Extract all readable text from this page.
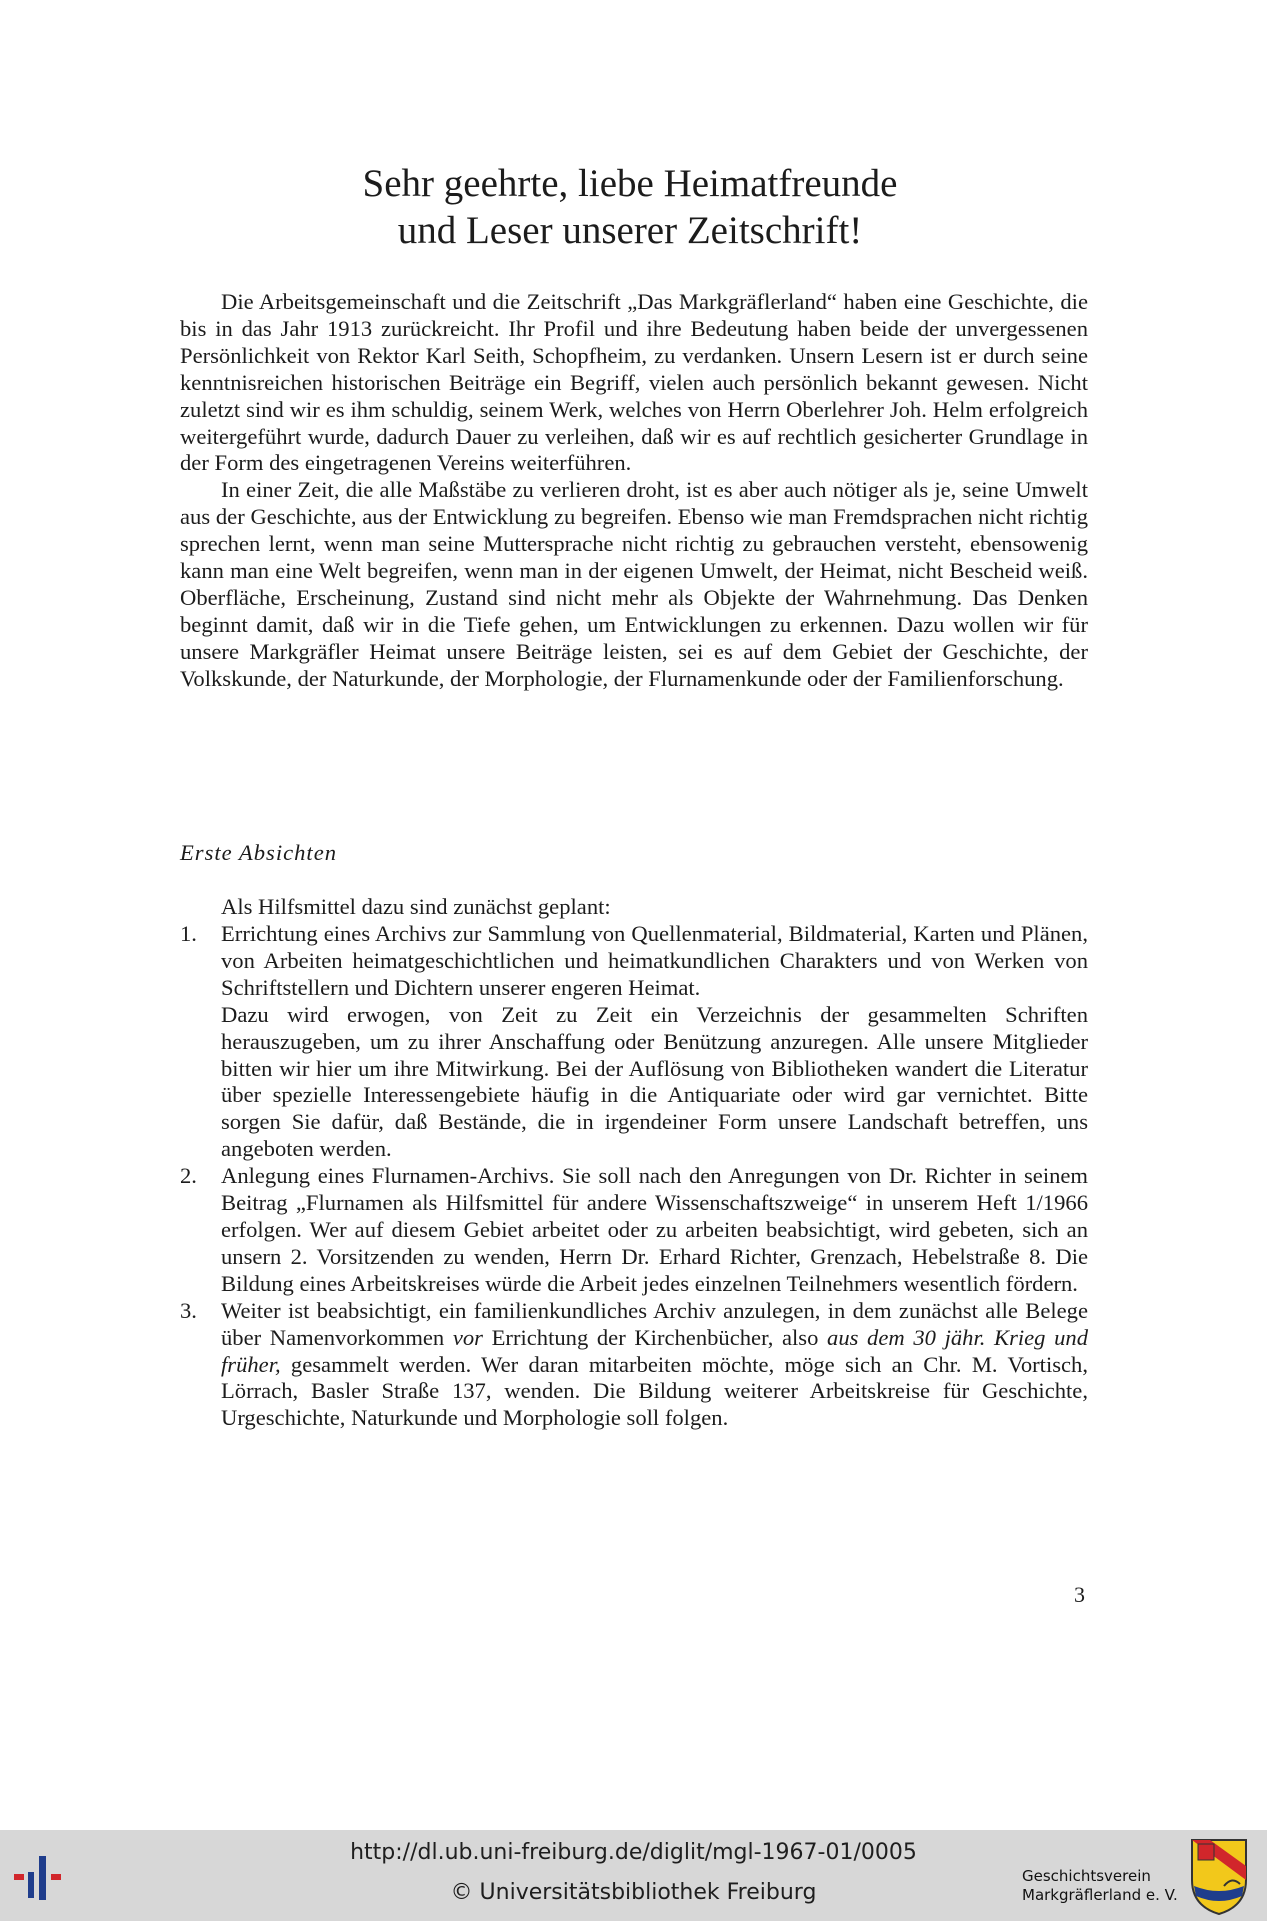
Sehr geehrte, liebe Heimatfreunde
und Leser unserer Zeitschrift!

Die Arbeitsgemeinschaft und die Zeitschrift „Das Markgräflerland“ haben eine Geschichte, die bis in das Jahr 1913 zurückreicht. Ihr Profil und ihre Bedeutung haben beide der unvergessenen Persönlichkeit von Rektor Karl Seith, Schopfheim, zu verdanken. Unsern Lesern ist er durch seine kenntnisreichen historischen Beiträge ein Begriff, vielen auch persönlich bekannt gewesen. Nicht zuletzt sind wir es ihm schuldig, seinem Werk, welches von Herrn Oberlehrer Joh. Helm erfolgreich weitergeführt wurde, dadurch Dauer zu verleihen, daß wir es auf rechtlich gesicherter Grundlage in der Form des eingetragenen Vereins weiterführen.

In einer Zeit, die alle Maßstäbe zu verlieren droht, ist es aber auch nötiger als je, seine Umwelt aus der Geschichte, aus der Entwicklung zu begreifen. Ebenso wie man Fremdsprachen nicht richtig sprechen lernt, wenn man seine Muttersprache nicht richtig zu gebrauchen versteht, ebensowenig kann man eine Welt begreifen, wenn man in der eigenen Umwelt, der Heimat, nicht Bescheid weiß. Oberfläche, Erscheinung, Zustand sind nicht mehr als Objekte der Wahrnehmung. Das Denken beginnt damit, daß wir in die Tiefe gehen, um Entwicklungen zu erkennen. Dazu wollen wir für unsere Markgräfler Heimat unsere Beiträge leisten, sei es auf dem Gebiet der Geschichte, der Volkskunde, der Naturkunde, der Morphologie, der Flurnamenkunde oder der Familienforschung.

Erste Absichten
Als Hilfsmittel dazu sind zunächst geplant:
1.	Errichtung eines Archivs zur Sammlung von Quellenmaterial, Bildmaterial, Karten und Plänen, von Arbeiten heimatgeschichtlichen und heimatkundlichen Charakters und von Werken von Schriftstellern und Dichtern unserer engeren Heimat.

Dazu wird erwogen, von Zeit zu Zeit ein Verzeichnis der gesammelten Schriften herauszugeben, um zu ihrer Anschaffung oder Benützung anzuregen. Alle unsere Mitglieder bitten wir hier um ihre Mitwirkung. Bei der Auflösung von Bibliotheken wandert die Literatur über spezielle Interessengebiete häufig in die Antiquariate oder wird gar vernichtet. Bitte sorgen Sie dafür, daß Bestände, die in irgendeiner Form unsere Landschaft betreffen, uns angeboten werden.

2.	Anlegung eines Flurnamen-Archivs. Sie soll nach den Anregungen von Dr. Richter in seinem Beitrag „Flurnamen als Hilfsmittel für andere Wissenschaftszweige“ in unserem Heft 1/1966 erfolgen. Wer auf diesem Gebiet arbeitet oder zu arbeiten beabsichtigt, wird gebeten, sich an unsern 2. Vorsitzenden zu wenden, Herrn Dr. Erhard Richter, Grenzach, Hebelstraße 8. Die Bildung eines Arbeitskreises würde die Arbeit jedes einzelnen Teilnehmers wesentlich fördern.

3.	Weiter ist beabsichtigt, ein familienkundliches Archiv anzulegen, in dem zunächst alle Belege über Namenvorkommen vor Errichtung der Kirchenbücher, also aus dem 30 jähr. Krieg und früher, gesammelt werden. Wer daran mitarbeiten möchte, möge sich an Chr. M. Vortisch, Lörrach, Basler Straße 137, wenden. Die Bildung weiterer Arbeitskreise für Geschichte, Urgeschichte, Naturkunde und Morphologie soll folgen.

3
http://dl.ub.uni-freiburg.de/diglit/mgl-1967-01/0005
© Universitätsbibliothek Freiburg
Geschichtsverein
Markgräflerland e. V.
